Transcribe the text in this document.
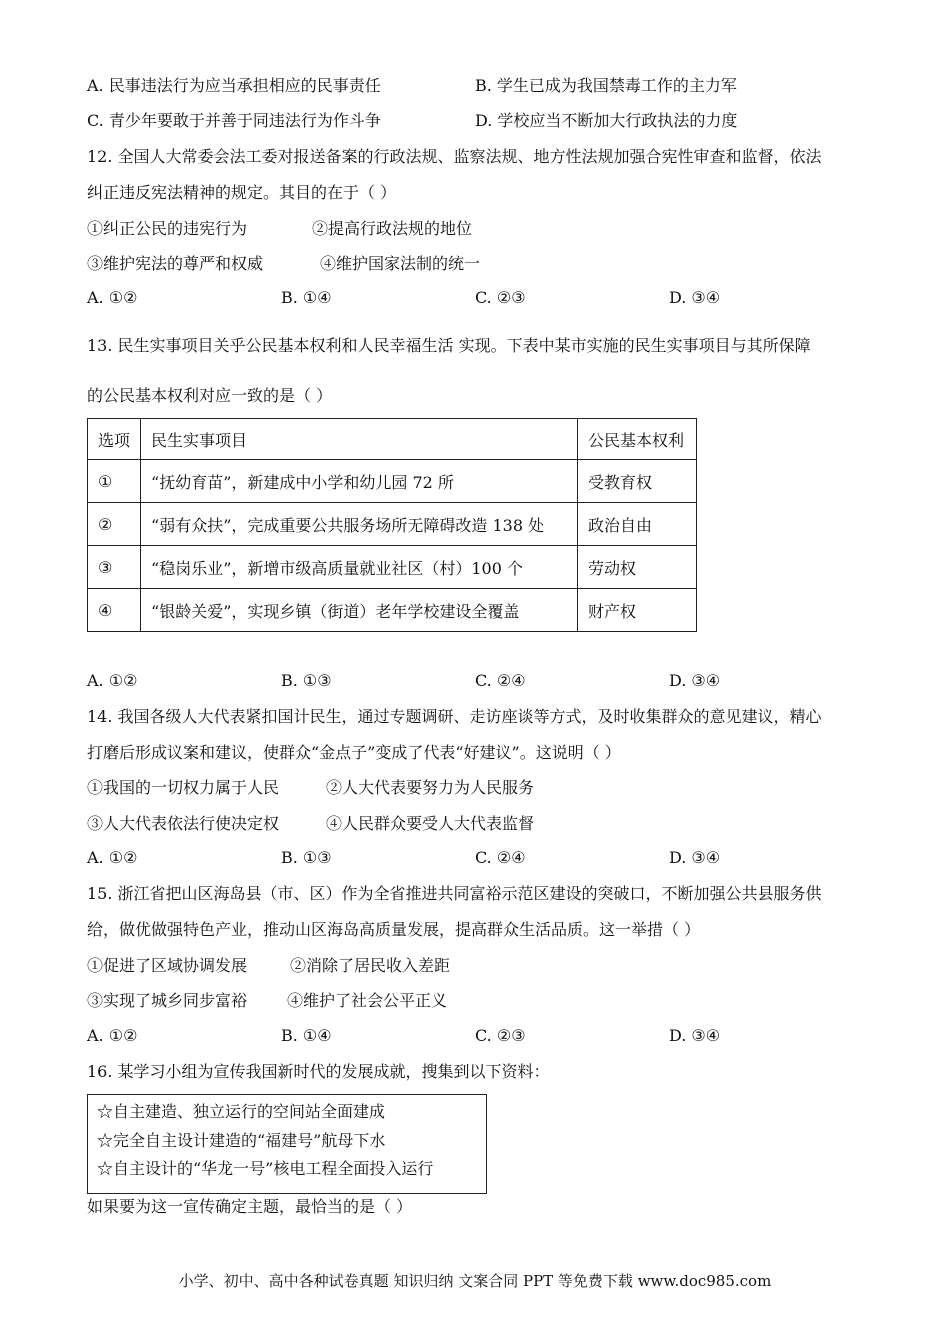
A. 民事违法行为应当承担相应的民事责任	B. 学生已成为我国禁毒工作的主力军
C. 青少年要敢于并善于同违法行为作斗争	D. 学校应当不断加大行政执法的力度
12. 全国人大常委会法工委对报送备案的行政法规、监察法规、地方性法规加强合宪性审查和监督，依法
纠正违反宪法精神的规定。其目的在于（ ）
①纠正公民的违宪行为	②提高行政法规的地位
③维护宪法的尊严和权威	④维护国家法制的统一
A. ①②	B. ①④	C. ②③	D. ③④
13. 民生实事项目关乎公民基本权利和人民幸福生活 实现。下表中某市实施的民生实事项目与其所保障
的公民基本权利对应一致的是（ ）
选项	民生实事项目	公民基本权利
①	“抚幼育苗”，新建成中小学和幼儿园 72 所	受教育权
②	“弱有众扶”，完成重要公共服务场所无障碍改造 138 处	政治自由
③	“稳岗乐业”，新增市级高质量就业社区（村）100 个	劳动权
④	“银龄关爱”，实现乡镇（街道）老年学校建设全覆盖	财产权
A. ①②	B. ①③	C. ②④	D. ③④
14. 我国各级人大代表紧扣国计民生，通过专题调研、走访座谈等方式，及时收集群众的意见建议，精心
打磨后形成议案和建议，使群众“金点子”变成了代表“好建议”。这说明（ ）
①我国的一切权力属于人民	②人大代表要努力为人民服务
③人大代表依法行使决定权	④人民群众要受人大代表监督
A. ①②	B. ①③	C. ②④	D. ③④
15. 浙江省把山区海岛县（市、区）作为全省推进共同富裕示范区建设的突破口，不断加强公共县服务供
给，做优做强特色产业，推动山区海岛高质量发展，提高群众生活品质。这一举措（ ）
①促进了区域协调发展	②消除了居民收入差距
③实现了城乡同步富裕 ④维护了社会公平正义
A. ①②	B. ①④	C. ②③	D. ③④
16. 某学习小组为宣传我国新时代的发展成就，搜集到以下资料：
☆自主建造、独立运行的空间站全面建成
☆完全自主设计建造的“福建号”航母下水
☆自主设计的“华龙一号”核电工程全面投入运行
如果要为这一宣传确定主题，最恰当的是（ ）
小学、初中、高中各种试卷真题 知识归纳 文案合同 PPT 等免费下载 www.doc985.com
